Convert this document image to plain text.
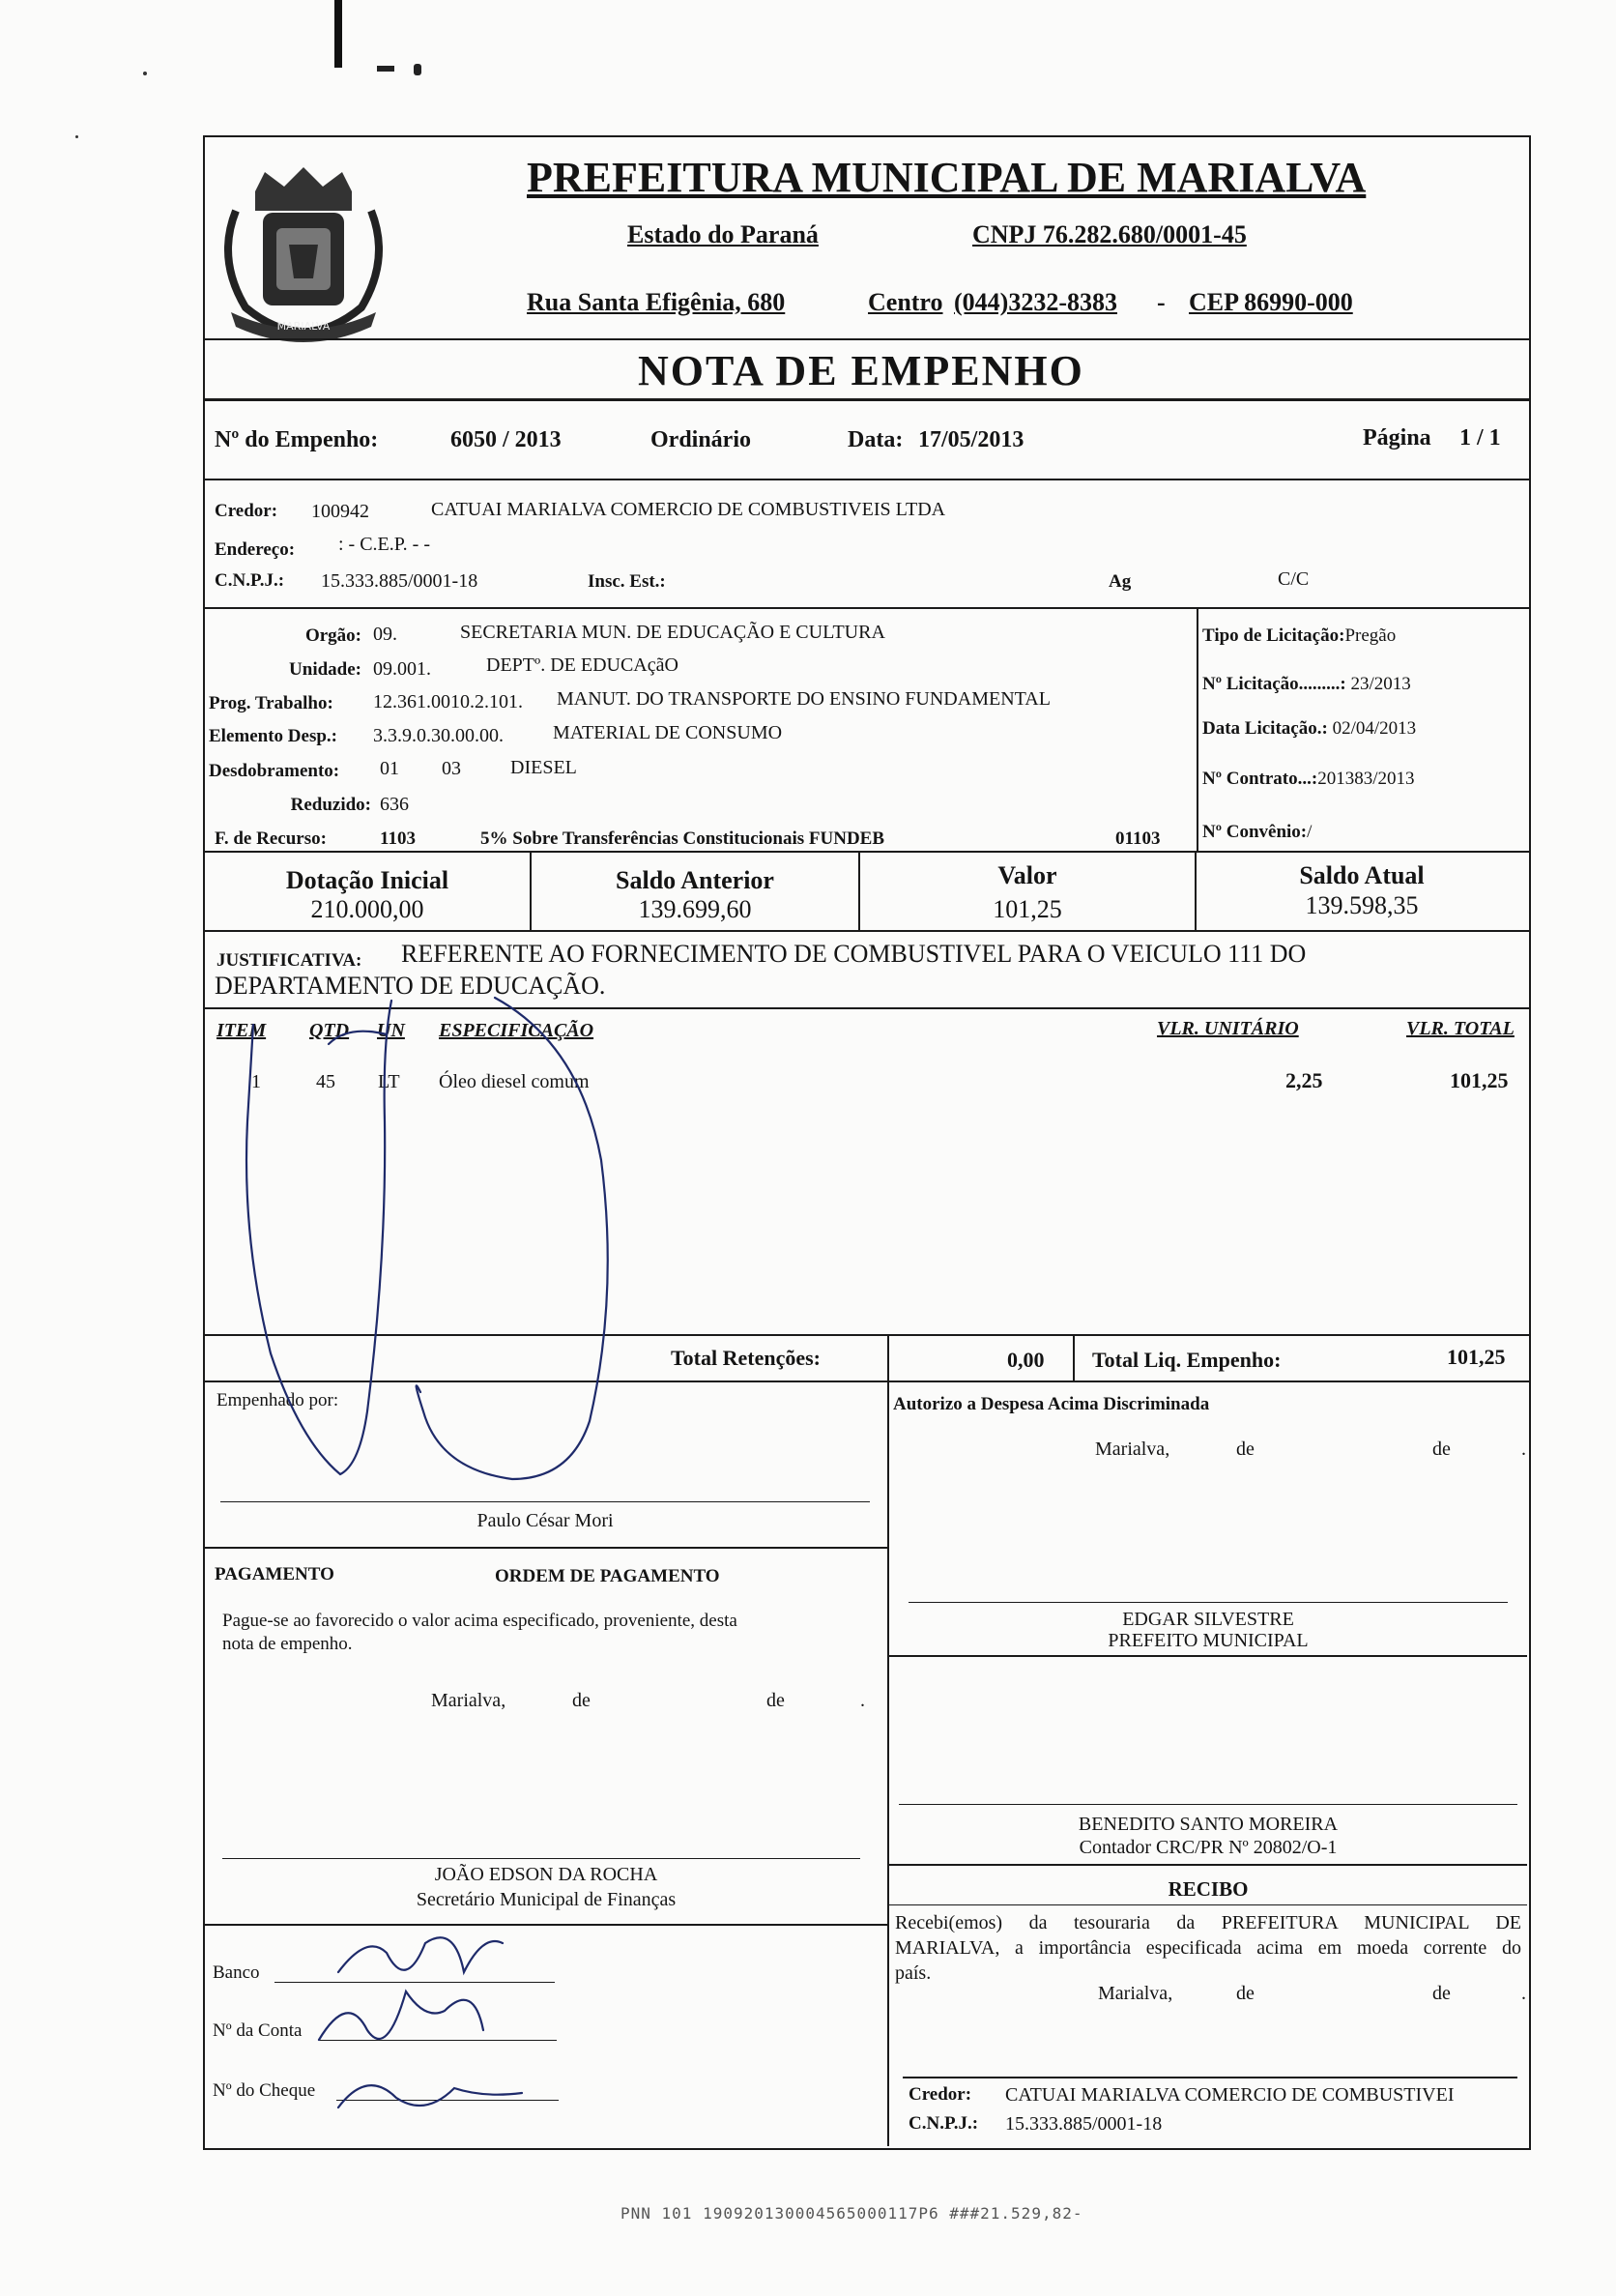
MARIALVA
PREFEITURA MUNICIPAL DE MARIALVA
Estado do Paraná	CNPJ 76.282.680/0001-45
Rua Santa Efigênia, 680	Centro (044)3232-8383 - CEP 86990-000
NOTA DE EMPENHO
Nº do Empenho:	6050 / 2013	Ordinário	Data: 17/05/2013	Página 1 / 1
Credor: 100942	CATUAI MARIALVA COMERCIO DE COMBUSTIVEIS LTDA
Endereço: : - C.E.P. - -
C.N.P.J.: 15.333.885/0001-18	Insc. Est.:	Ag	C/C
Orgão: 09.	SECRETARIA MUN. DE EDUCAÇÃO E CULTURA
Unidade: 09.001.	DEPTº. DE EDUCAçãO
Prog. Trabalho: 12.361.0010.2.101. MANUT. DO TRANSPORTE DO ENSINO FUNDAMENTAL
Elemento Desp.: 3.3.9.0.30.00.00.	MATERIAL DE CONSUMO
Desdobramento: 01 03	DIESEL
Reduzido: 636
F. de Recurso:	1103	5% Sobre Transferências Constitucionais FUNDEB	01103
Tipo de Licitação:Pregão
Nº Licitação.........: 23/2013
Data Licitação.: 02/04/2013
Nº Contrato...:201383/2013
Nº Convênio:/
Dotação Inicial
210.000,00
Saldo Anterior
139.699,60
Valor
101,25
Saldo Atual
139.598,35
JUSTIFICATIVA: REFERENTE AO FORNECIMENTO DE COMBUSTIVEL PARA O VEICULO 111 DO
DEPARTAMENTO DE EDUCAÇÃO.
ITEM QTD UN ESPECIFICAÇÃO	VLR. UNITÁRIO	VLR. TOTAL
1	45 LT Óleo diesel comum	2,25	101,25
Total Retenções:	0,00 Total Liq. Empenho:	101,25
Empenhado por:
Paulo César Mori
Autorizo a Despesa Acima Discriminada
Marialva,	de	de	.
EDGAR SILVESTRE
PREFEITO MUNICIPAL
PAGAMENTO	ORDEM DE PAGAMENTO
Pague-se ao favorecido o valor acima especificado, proveniente, desta
nota de empenho.
Marialva,	de	de	.
JOÃO EDSON DA ROCHA
Secretário Municipal de Finanças
BENEDITO SANTO MOREIRA
Contador CRC/PR Nº 20802/O-1
RECIBO
Recebi(emos) da tesouraria da PREFEITURA MUNICIPAL DE
MARIALVA, a importância especificada acima em moeda corrente do
país.
Marialva,	de	de	.
Credor: CATUAI MARIALVA COMERCIO DE COMBUSTIVEI
C.N.P.J.: 15.333.885/0001-18
Banco
Nº da Conta
Nº do Cheque
PNN 101 190920130004565000117P6 ###21.529,82-
